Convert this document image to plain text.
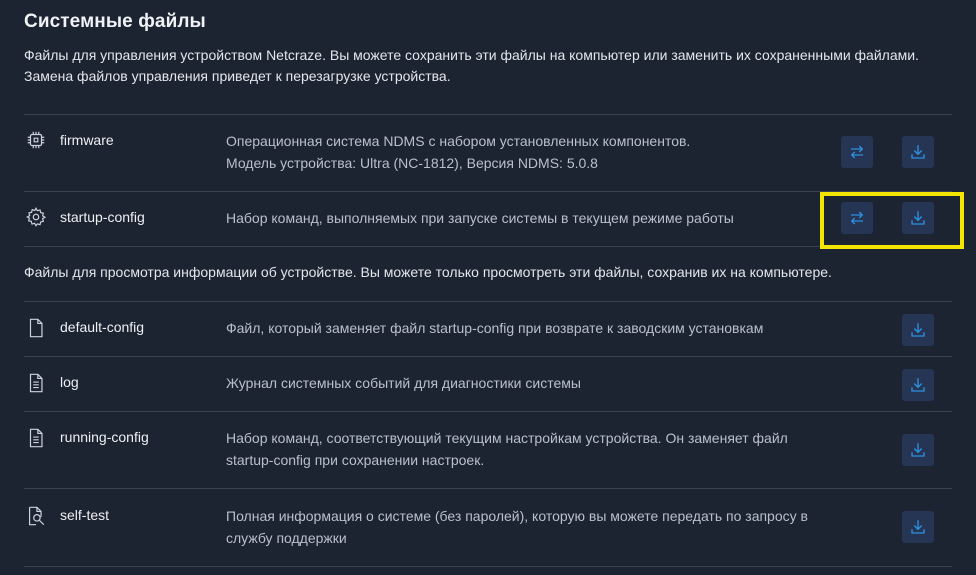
Системные файлы
Файлы для управления устройством Netcraze. Вы можете сохранить эти файлы на компьютер или заменить их сохраненными файлами. Замена файлов управления приведет к перезагрузке устройства.
firmware	Операционная система NDMS с набором установленных компонентов.
Модель устройства: Ultra (NC-1812), Версия NDMS: 5.0.8
startup-config	Набор команд, выполняемых при запуске системы в текущем режиме работы
Файлы для просмотра информации об устройстве. Вы можете только просмотреть эти файлы, сохранив их на компьютере.
default-config	Файл, который заменяет файл startup-config при возврате к заводским установкам
log	Журнал системных событий для диагностики системы
running-config	Набор команд, соответствующий текущим настройкам устройства. Он заменяет файл
startup-config при сохранении настроек.
self-test	Полная информация о системе (без паролей), которую вы можете передать по запросу в
службу поддержки
